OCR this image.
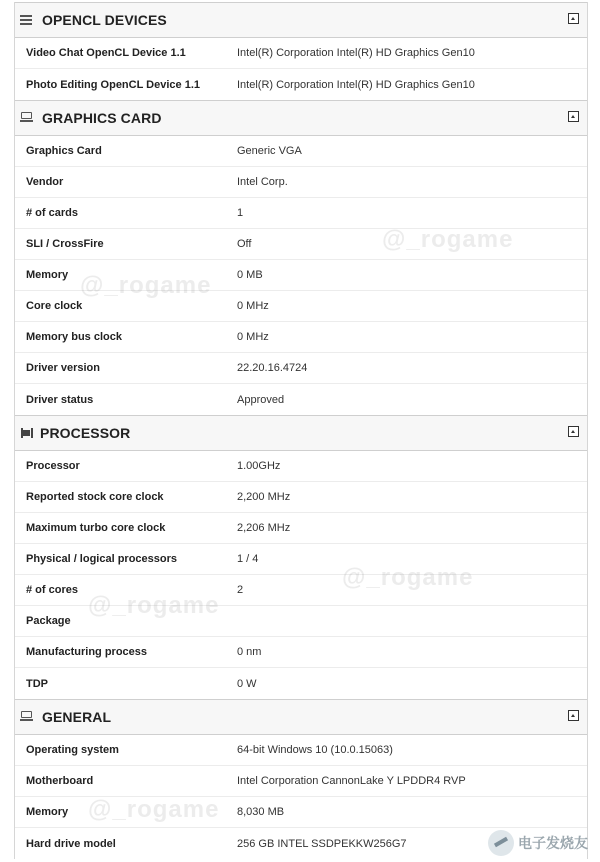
OPENCL DEVICES
Video Chat OpenCL Device 1.1	Intel(R) Corporation Intel(R) HD Graphics Gen10
Photo Editing OpenCL Device 1.1	Intel(R) Corporation Intel(R) HD Graphics Gen10
GRAPHICS CARD
Graphics Card	Generic VGA
Vendor	Intel Corp.
# of cards	1
SLI / CrossFire	Off
Memory	0 MB
Core clock	0 MHz
Memory bus clock	0 MHz
Driver version	22.20.16.4724
Driver status	Approved
PROCESSOR
Processor	1.00GHz
Reported stock core clock	2,200 MHz
Maximum turbo core clock	2,206 MHz
Physical / logical processors	1 / 4
# of cores	2
Package
Manufacturing process	0 nm
TDP	0 W
GENERAL
Operating system	64-bit Windows 10 (10.0.15063)
Motherboard	Intel Corporation CannonLake Y LPDDR4 RVP
Memory	8,030 MB
Hard drive model	256 GB INTEL SSDPEKKW256G7	电子发烧友
